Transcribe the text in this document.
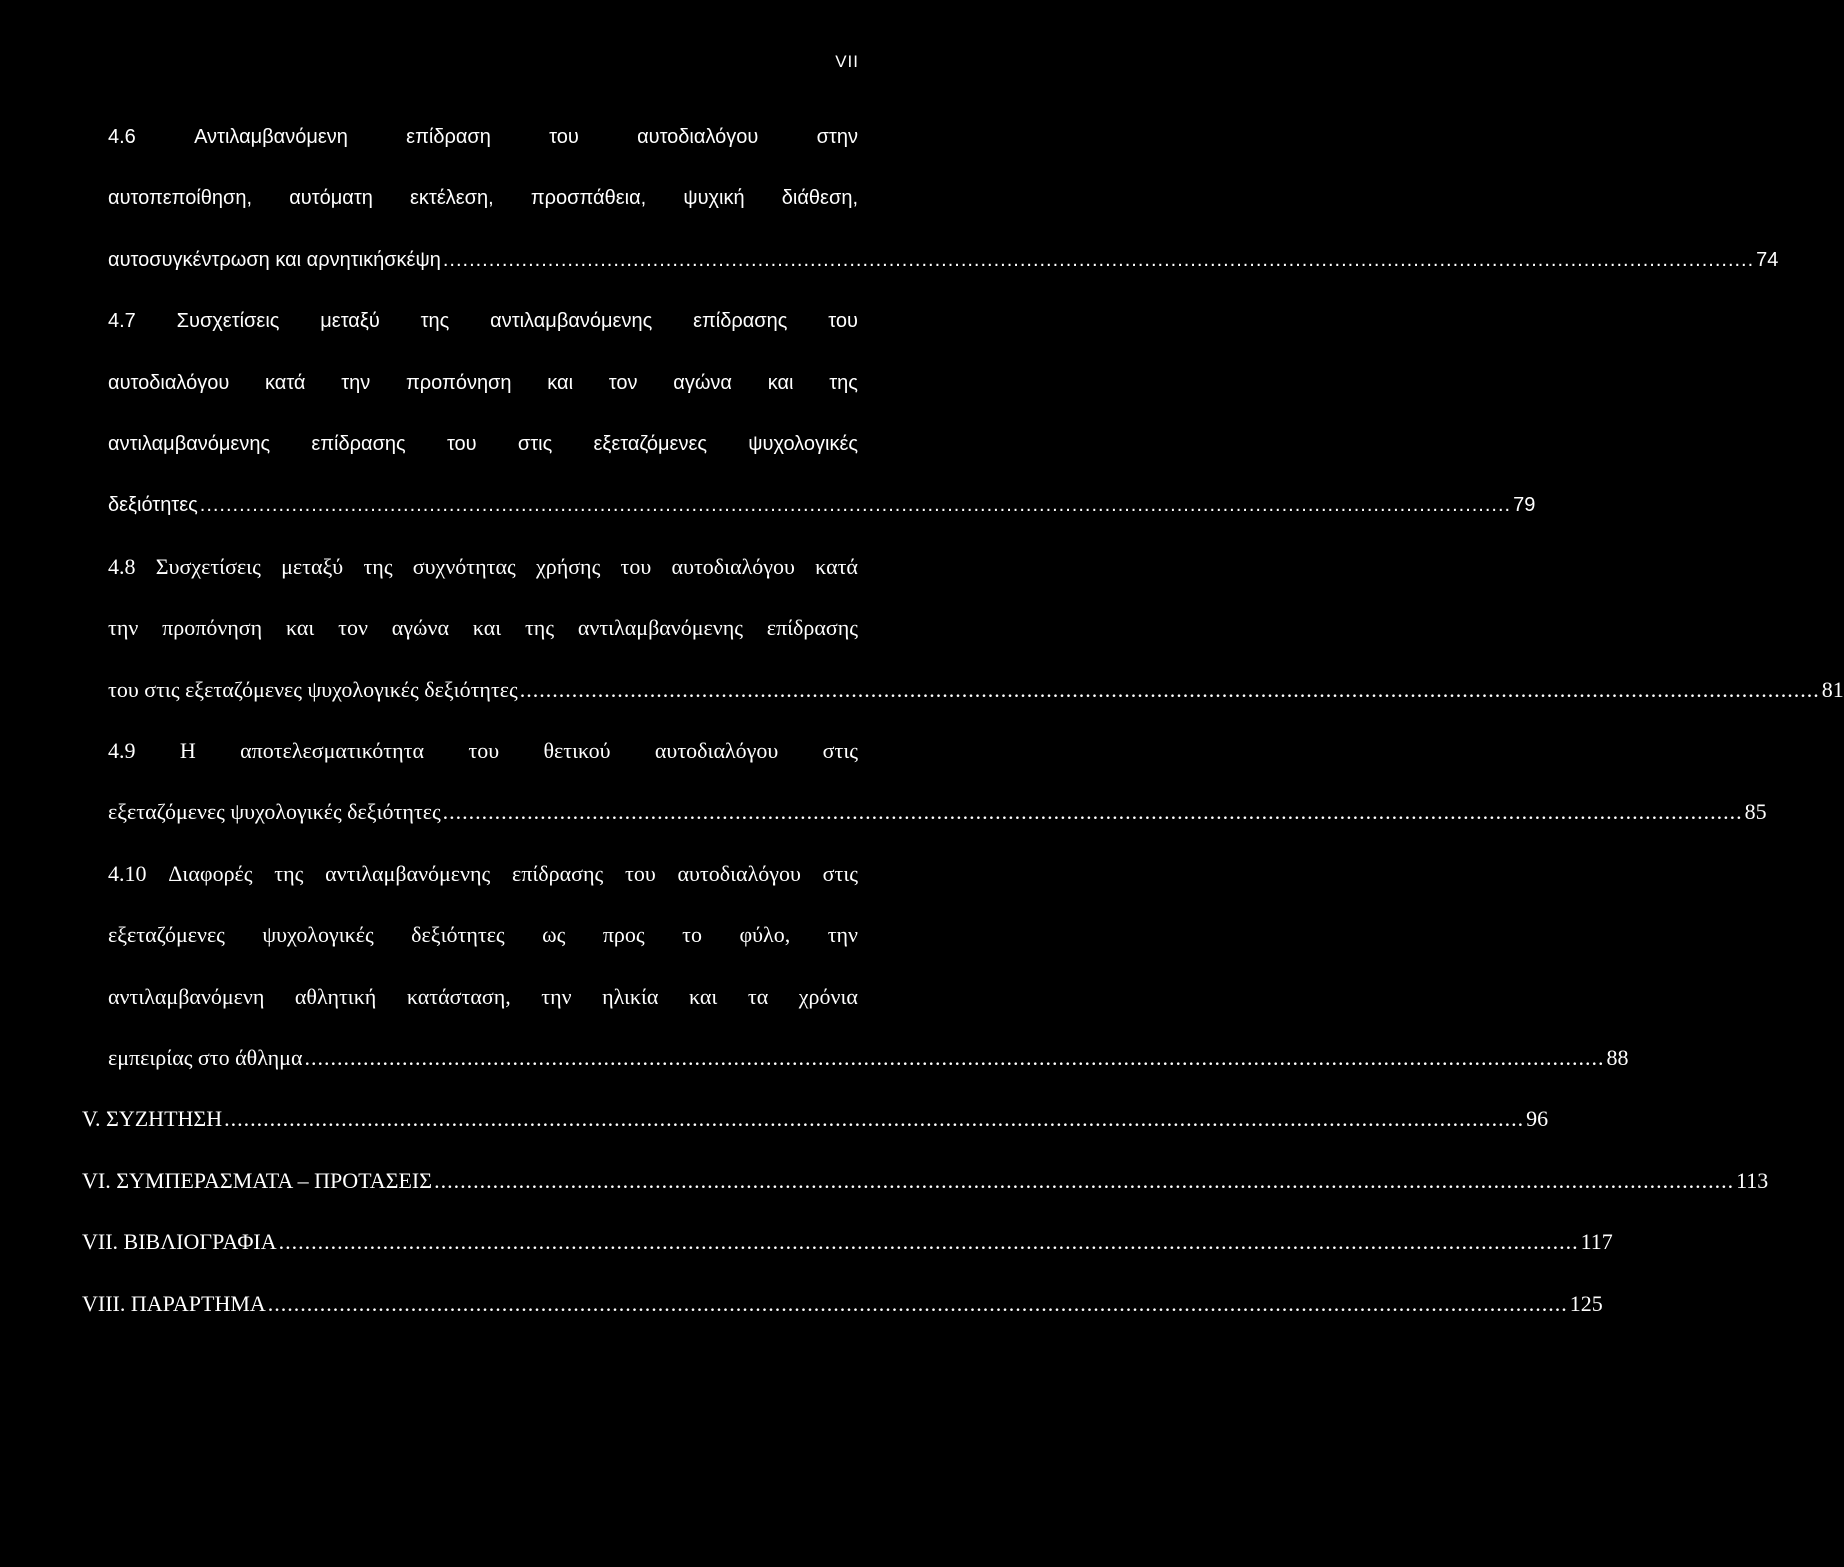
VII
4.6	Αντιλαμβανόμενη	επίδραση	του	αυτοδιαλόγου	στην
αυτοπεποίθηση, αυτόματη εκτέλεση, προσπάθεια, ψυχική διάθεση,
αυτοσυγκέντρωση και αρνητικήσκέψη ........................................................................................................................................................................................................ 74
4.7 Συσχετίσεις μεταξύ της αντιλαμβανόμενης επίδρασης του
αυτοδιαλόγου κατά την προπόνηση και τον αγώνα και της
αντιλαμβανόμενης επίδρασης του στις εξεταζόμενες ψυχολογικές
δεξιότητες ........................................................................................................................................................................................................ 79
4.8 Συσχετίσεις μεταξύ της συχνότητας χρήσης του αυτοδιαλόγου κατά
την προπόνηση και τον αγώνα και της αντιλαμβανόμενης επίδρασης
του στις εξεταζόμενες ψυχολογικές δεξιότητες ........................................................................................................................................................................................................ 81
4.9 Η αποτελεσματικότητα του θετικού αυτοδιαλόγου στις
εξεταζόμενες ψυχολογικές δεξιότητες ........................................................................................................................................................................................................ 85
4.10 Διαφορές της αντιλαμβανόμενης επίδρασης του αυτοδιαλόγου στις
εξεταζόμενες ψυχολογικές δεξιότητες ως προς το φύλο, την
αντιλαμβανόμενη αθλητική κατάσταση, την ηλικία και τα χρόνια
εμπειρίας στο άθλημα ........................................................................................................................................................................................................ 88
V. ΣΥΖΗΤΗΣΗ ........................................................................................................................................................................................................ 96
VI. ΣΥΜΠΕΡΑΣΜΑΤΑ – ΠΡΟΤΑΣΕΙΣ ........................................................................................................................................................................................................ 113
VII. ΒΙΒΛΙΟΓΡΑΦΙΑ ........................................................................................................................................................................................................ 117
VIII. ΠΑΡΑΡΤΗΜΑ ........................................................................................................................................................................................................ 125
